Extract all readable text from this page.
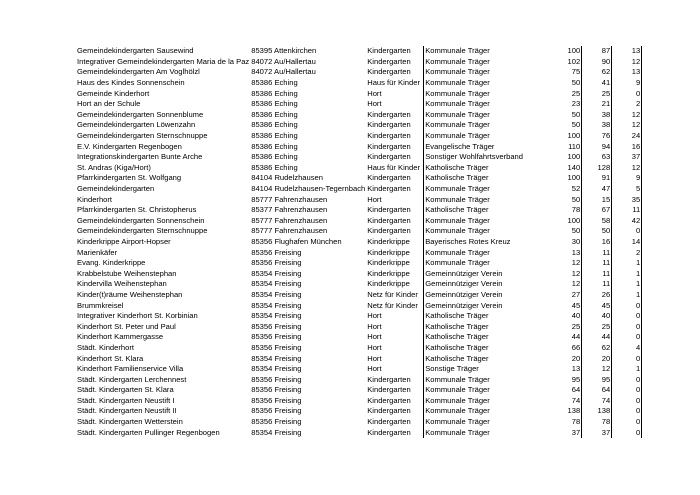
Gemeindekindergarten Sausewind	85395 Attenkirchen	Kindergarten	Kommunale Träger	100	87	13
Integrativer Gemeindekindergarten Maria de la Paz	84072 Au/Hallertau	Kindergarten	Kommunale Träger	102	90	12
Gemeindekindergarten Am Voglhölzl	84072 Au/Hallertau	Kindergarten	Kommunale Träger	75	62	13
Haus des Kindes Sonnenschein	85386 Eching	Haus für Kinder	Kommunale Träger	50	41	9
Gemeinde Kinderhort	85386 Eching	Hort	Kommunale Träger	25	25	0
Hort an der Schule	85386 Eching	Hort	Kommunale Träger	23	21	2
Gemeindekindergarten Sonnenblume	85386 Eching	Kindergarten	Kommunale Träger	50	38	12
Gemeindekindergarten Löwenzahn	85386 Eching	Kindergarten	Kommunale Träger	50	38	12
Gemeindekindergarten Sternschnuppe	85386 Eching	Kindergarten	Kommunale Träger	100	76	24
E.V. Kindergarten Regenbogen	85386 Eching	Kindergarten	Evangelische Träger	110	94	16
Integrationskindergarten Bunte Arche	85386 Eching	Kindergarten	Sonstiger Wohlfahrtsverband	100	63	37
St. Andras (Kiga/Hort)	85386 Eching	Haus für Kinder	Katholische Träger	140	128	12
Pfarrkindergarten St. Wolfgang	84104 Rudelzhausen	Kindergarten	Katholische Träger	100	91	9
Gemeindekindergarten	84104 Rudelzhausen-Tegernbach	Kindergarten	Kommunale Träger	52	47	5
Kinderhort	85777 Fahrenzhausen	Hort	Kommunale Träger	50	15	35
Pfarrkindergarten St. Christopherus	85377 Fahrenzhausen	Kindergarten	Katholische Träger	78	67	11
Gemeindekindergarten Sonnenschein	85777 Fahrenzhausen	Kindergarten	Kommunale Träger	100	58	42
Gemeindekindergarten Sternschnuppe	85777 Fahrenzhausen	Kindergarten	Kommunale Träger	50	50	0
Kinderkrippe Airport-Hopser	85356 Flughafen München	Kinderkrippe	Bayerisches Rotes Kreuz	30	16	14
Marienkäfer	85356 Freising	Kinderkrippe	Kommunale Träger	13	11	2
Evang. Kinderkrippe	85356 Freising	Kinderkrippe	Kommunale Träger	12	11	1
Krabbelstube Weihenstephan	85354 Freising	Kinderkrippe	Gemeinnütziger Verein	12	11	1
Kindervilla Weihenstephan	85354 Freising	Kinderkrippe	Gemeinnütziger Verein	12	11	1
Kinder(t)räume Weihenstephan	85354 Freising	Netz für Kinder	Gemeinnütziger Verein	27	26	1
Brummkreisel	85354 Freising	Netz für Kinder	Gemeinnütziger Verein	45	45	0
Integrativer Kinderhort St. Korbinian	85354 Freising	Hort	Katholische Träger	40	40	0
Kinderhort St. Peter und Paul	85356 Freising	Hort	Katholische Träger	25	25	0
Kinderhort Kammergasse	85356 Freising	Hort	Katholische Träger	44	44	0
Städt. Kinderhort	85356 Freising	Hort	Katholische Träger	66	62	4
Kinderhort St. Klara	85354 Freising	Hort	Katholische Träger	20	20	0
Kinderhort Familienservice Villa	85354 Freising	Hort	Sonstige Träger	13	12	1
Städt. Kindergarten Lerchennest	85356 Freising	Kindergarten	Kommunale Träger	95	95	0
Städt. Kindergarten St. Klara	85356 Freising	Kindergarten	Kommunale Träger	64	64	0
Städt. Kindergarten Neustift I	85356 Freising	Kindergarten	Kommunale Träger	74	74	0
Städt. Kindergarten Neustift II	85356 Freising	Kindergarten	Kommunale Träger	138	138	0
Städt. Kindergarten Wetterstein	85356 Freising	Kindergarten	Kommunale Träger	78	78	0
Städt. Kindergarten Pullinger Regenbogen	85354 Freising	Kindergarten	Kommunale Träger	37	37	0
